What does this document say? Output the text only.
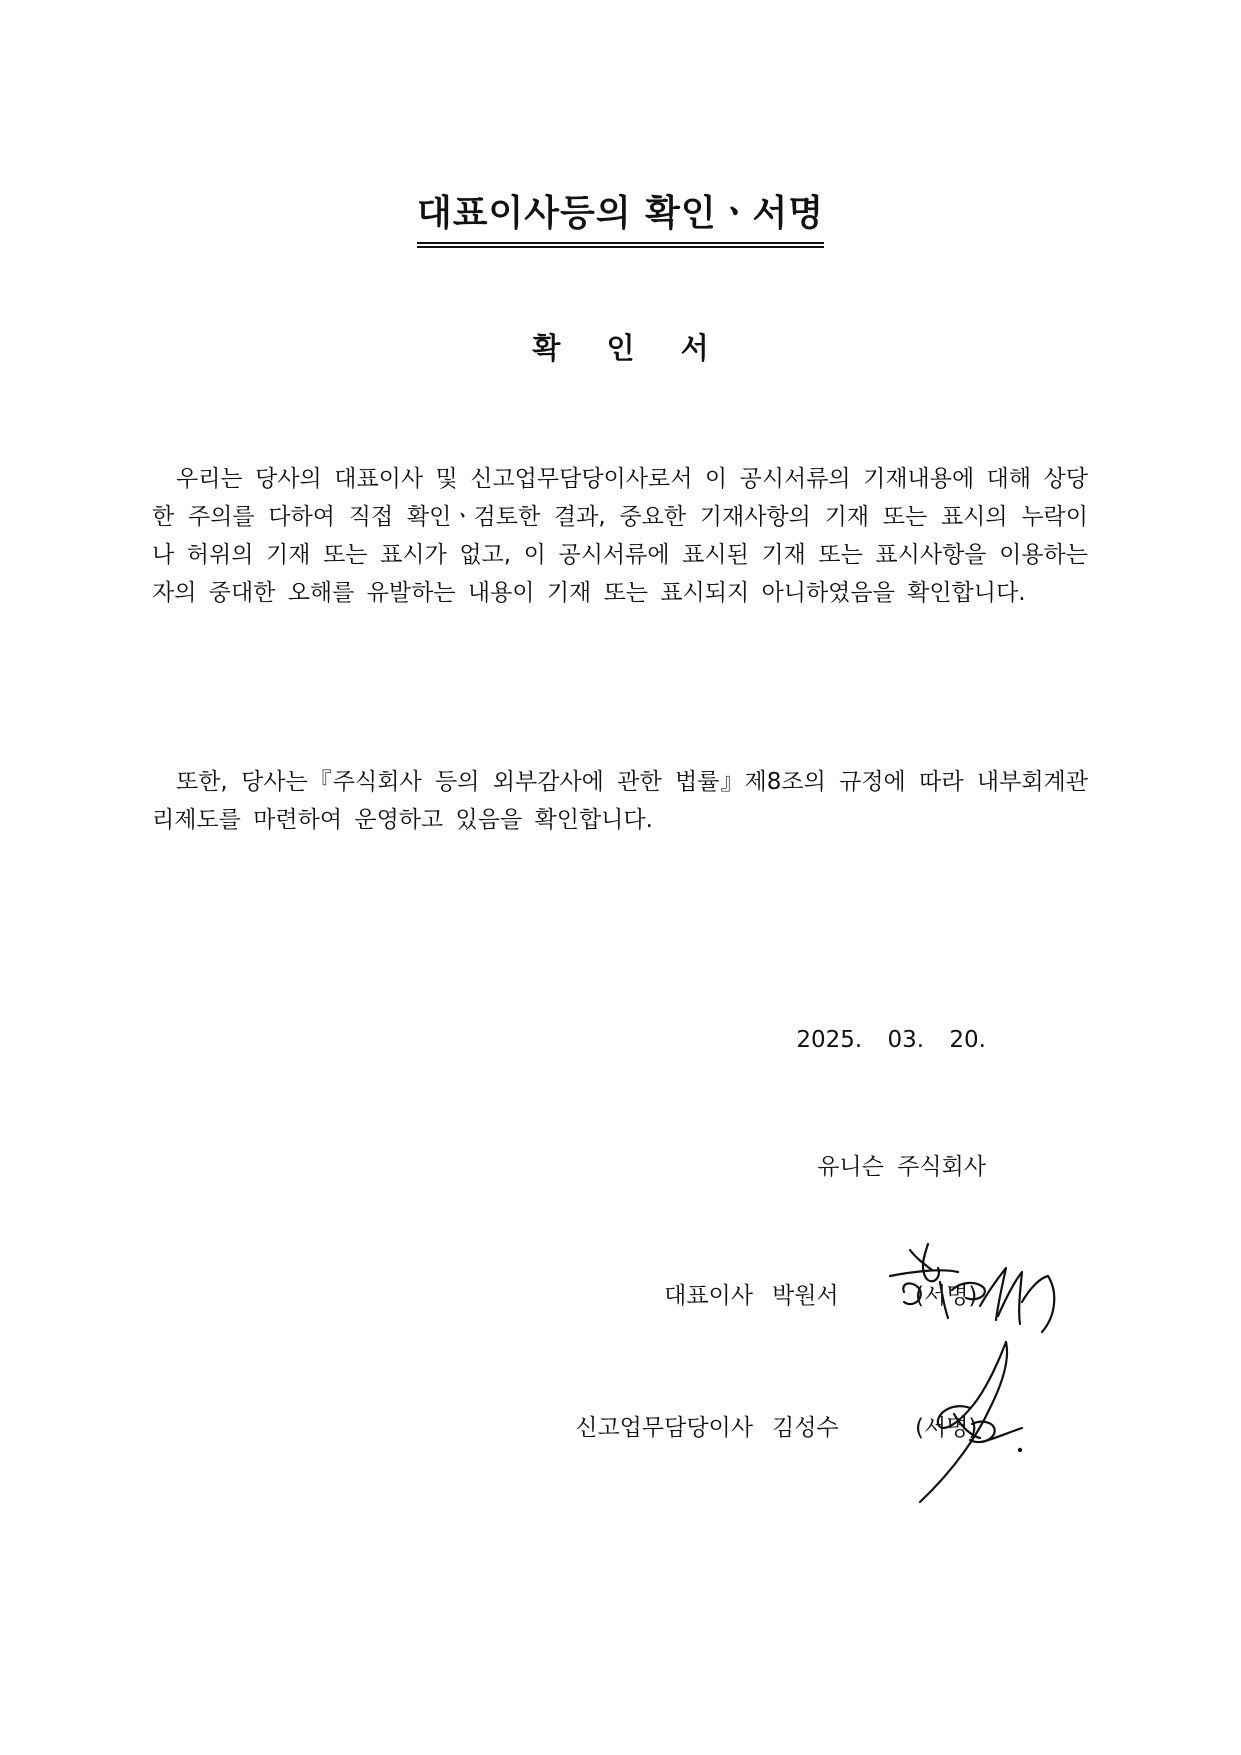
대표이사등의 확인ㆍ서명
확 인 서

우리는 당사의 대표이사 및 신고업무담당이사로서 이 공시서류의 기재내용에 대해 상당한 주의를 다하여 직접 확인ㆍ검토한 결과, 중요한 기재사항의 기재 또는 표시의 누락이나 허위의 기재 또는 표시가 없고, 이 공시서류에 표시된 기재 또는 표시사항을 이용하는 자의 중대한 오해를 유발하는 내용이 기재 또는 표시되지 아니하였음을 확인합니다.

또한, 당사는『주식회사 등의 외부감사에 관한 법률』제8조의 규정에 따라 내부회계관리제도를 마련하여 운영하고 있음을 확인합니다.

2025. 03. 20.
유니슨 주식회사
대표이사 박원서	(서명)
신고업무담당이사 김성수	(서명)
